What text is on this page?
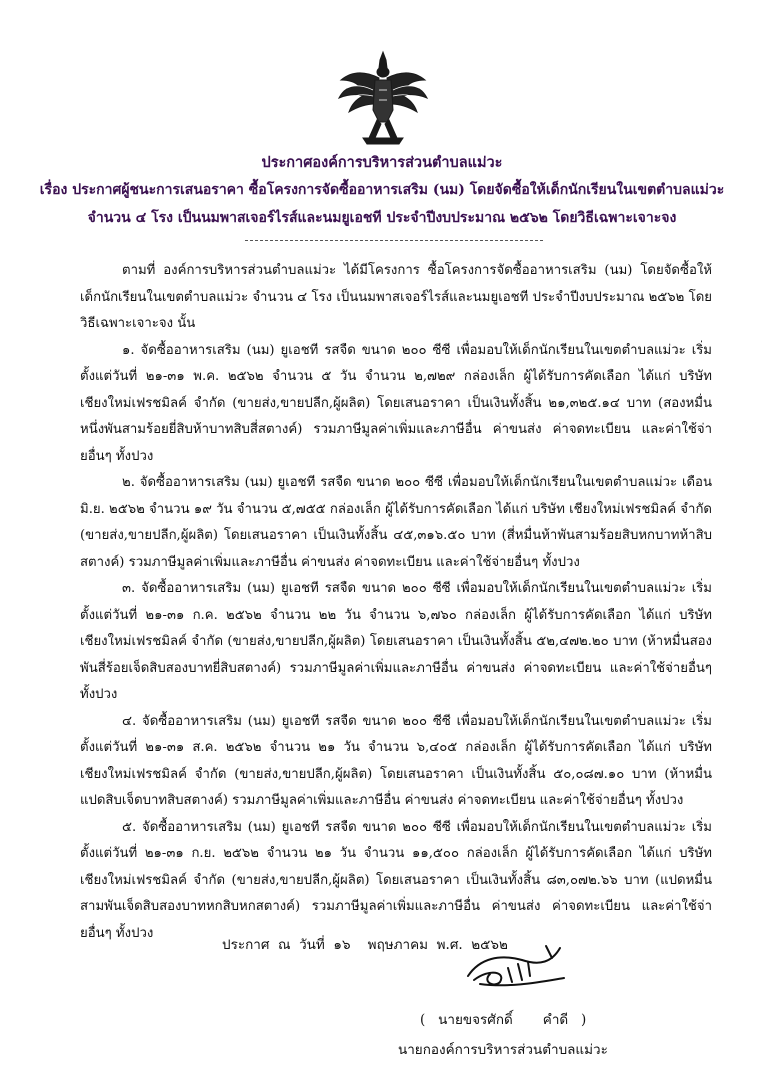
ประกาศองค์การบริหารส่วนตำบลแม่วะ
เรื่อง ประกาศผู้ชนะการเสนอราคา ซื้อโครงการจัดซื้ออาหารเสริม (นม) โดยจัดซื้อให้เด็กนักเรียนในเขตตำบลแม่วะ
จำนวน ๔ โรง เป็นนมพาสเจอร์ไรส์และนมยูเอชที ประจำปีงบประมาณ ๒๕๖๒ โดยวิธีเฉพาะเจาะจง

ตามที่ องค์การบริหารส่วนตำบลแม่วะ ได้มีโครงการ ซื้อโครงการจัดซื้ออาหารเสริม (นม) โดยจัดซื้อให้เด็กนักเรียนในเขตตำบลแม่วะ จำนวน ๔ โรง เป็นนมพาสเจอร์ไรส์และนมยูเอชที ประจำปีงบประมาณ ๒๕๖๒ โดยวิธีเฉพาะเจาะจง นั้น

๑. จัดซื้ออาหารเสริม (นม) ยูเอชที รสจืด ขนาด ๒๐๐ ซีซี เพื่อมอบให้เด็กนักเรียนในเขตตำบลแม่วะ เริ่มตั้งแต่วันที่ ๒๑-๓๑ พ.ค. ๒๕๖๒ จำนวน ๕ วัน จำนวน ๒,๗๒๙ กล่องเล็ก ผู้ได้รับการคัดเลือก ได้แก่ บริษัท เชียงใหม่เฟรชมิลค์ จำกัด (ขายส่ง,ขายปลีก,ผู้ผลิต) โดยเสนอราคา เป็นเงินทั้งสิ้น ๒๑,๓๒๕.๑๔ บาท (สองหมื่นหนึ่งพันสามร้อยยี่สิบห้าบาทสิบสี่สตางค์) รวมภาษีมูลค่าเพิ่มและภาษีอื่น ค่าขนส่ง ค่าจดทะเบียน และค่าใช้จ่ายอื่นๆ ทั้งปวง

๒. จัดซื้ออาหารเสริม (นม) ยูเอชที รสจืด ขนาด ๒๐๐ ซีซี เพื่อมอบให้เด็กนักเรียนในเขตตำบลแม่วะ เดือน มิ.ย. ๒๕๖๒ จำนวน ๑๙ วัน จำนวน ๕,๗๕๕ กล่องเล็ก ผู้ได้รับการคัดเลือก ได้แก่ บริษัท เชียงใหม่เฟรชมิลค์ จำกัด (ขายส่ง,ขายปลีก,ผู้ผลิต) โดยเสนอราคา เป็นเงินทั้งสิ้น ๔๕,๓๑๖.๕๐ บาท (สี่หมื่นห้าพันสามร้อยสิบหกบาทห้าสิบสตางค์) รวมภาษีมูลค่าเพิ่มและภาษีอื่น ค่าขนส่ง ค่าจดทะเบียน และค่าใช้จ่ายอื่นๆ ทั้งปวง

๓. จัดซื้ออาหารเสริม (นม) ยูเอชที รสจืด ขนาด ๒๐๐ ซีซี เพื่อมอบให้เด็กนักเรียนในเขตตำบลแม่วะ เริ่มตั้งแต่วันที่ ๒๑-๓๑ ก.ค. ๒๕๖๒ จำนวน ๒๒ วัน จำนวน ๖,๗๖๐ กล่องเล็ก ผู้ได้รับการคัดเลือก ได้แก่ บริษัท เชียงใหม่เฟรชมิลค์ จำกัด (ขายส่ง,ขายปลีก,ผู้ผลิต) โดยเสนอราคา เป็นเงินทั้งสิ้น ๕๒,๔๗๒.๒๐ บาท (ห้าหมื่นสองพันสี่ร้อยเจ็ดสิบสองบาทยี่สิบสตางค์) รวมภาษีมูลค่าเพิ่มและภาษีอื่น ค่าขนส่ง ค่าจดทะเบียน และค่าใช้จ่ายอื่นๆ ทั้งปวง

๔. จัดซื้ออาหารเสริม (นม) ยูเอชที รสจืด ขนาด ๒๐๐ ซีซี เพื่อมอบให้เด็กนักเรียนในเขตตำบลแม่วะ เริ่มตั้งแต่วันที่ ๒๑-๓๑ ส.ค. ๒๕๖๒ จำนวน ๒๑ วัน จำนวน ๖,๔๐๕ กล่องเล็ก ผู้ได้รับการคัดเลือก ได้แก่ บริษัท เชียงใหม่เฟรชมิลค์ จำกัด (ขายส่ง,ขายปลีก,ผู้ผลิต) โดยเสนอราคา เป็นเงินทั้งสิ้น ๕๐,๐๘๗.๑๐ บาท (ห้าหมื่นแปดสิบเจ็ดบาทสิบสตางค์) รวมภาษีมูลค่าเพิ่มและภาษีอื่น ค่าขนส่ง ค่าจดทะเบียน และค่าใช้จ่ายอื่นๆ ทั้งปวง

๕. จัดซื้ออาหารเสริม (นม) ยูเอชที รสจืด ขนาด ๒๐๐ ซีซี เพื่อมอบให้เด็กนักเรียนในเขตตำบลแม่วะ เริ่มตั้งแต่วันที่ ๒๑-๓๑ ก.ย. ๒๕๖๒ จำนวน ๒๑ วัน จำนวน ๑๑,๕๐๐ กล่องเล็ก ผู้ได้รับการคัดเลือก ได้แก่ บริษัท เชียงใหม่เฟรชมิลค์ จำกัด (ขายส่ง,ขายปลีก,ผู้ผลิต) โดยเสนอราคา เป็นเงินทั้งสิ้น ๘๓,๐๗๒.๖๖ บาท (แปดหมื่นสามพันเจ็ดสิบสองบาทหกสิบหกสตางค์) รวมภาษีมูลค่าเพิ่มและภาษีอื่น ค่าขนส่ง ค่าจดทะเบียน และค่าใช้จ่ายอื่นๆ ทั้งปวง

ประกาศ  ณ  วันที่  ๑๖    พฤษภาคม  พ.ศ.  ๒๕๖๒
(   นายขจรศักดิ์       คำดี   )
นายกองค์การบริหารส่วนตำบลแม่วะ
